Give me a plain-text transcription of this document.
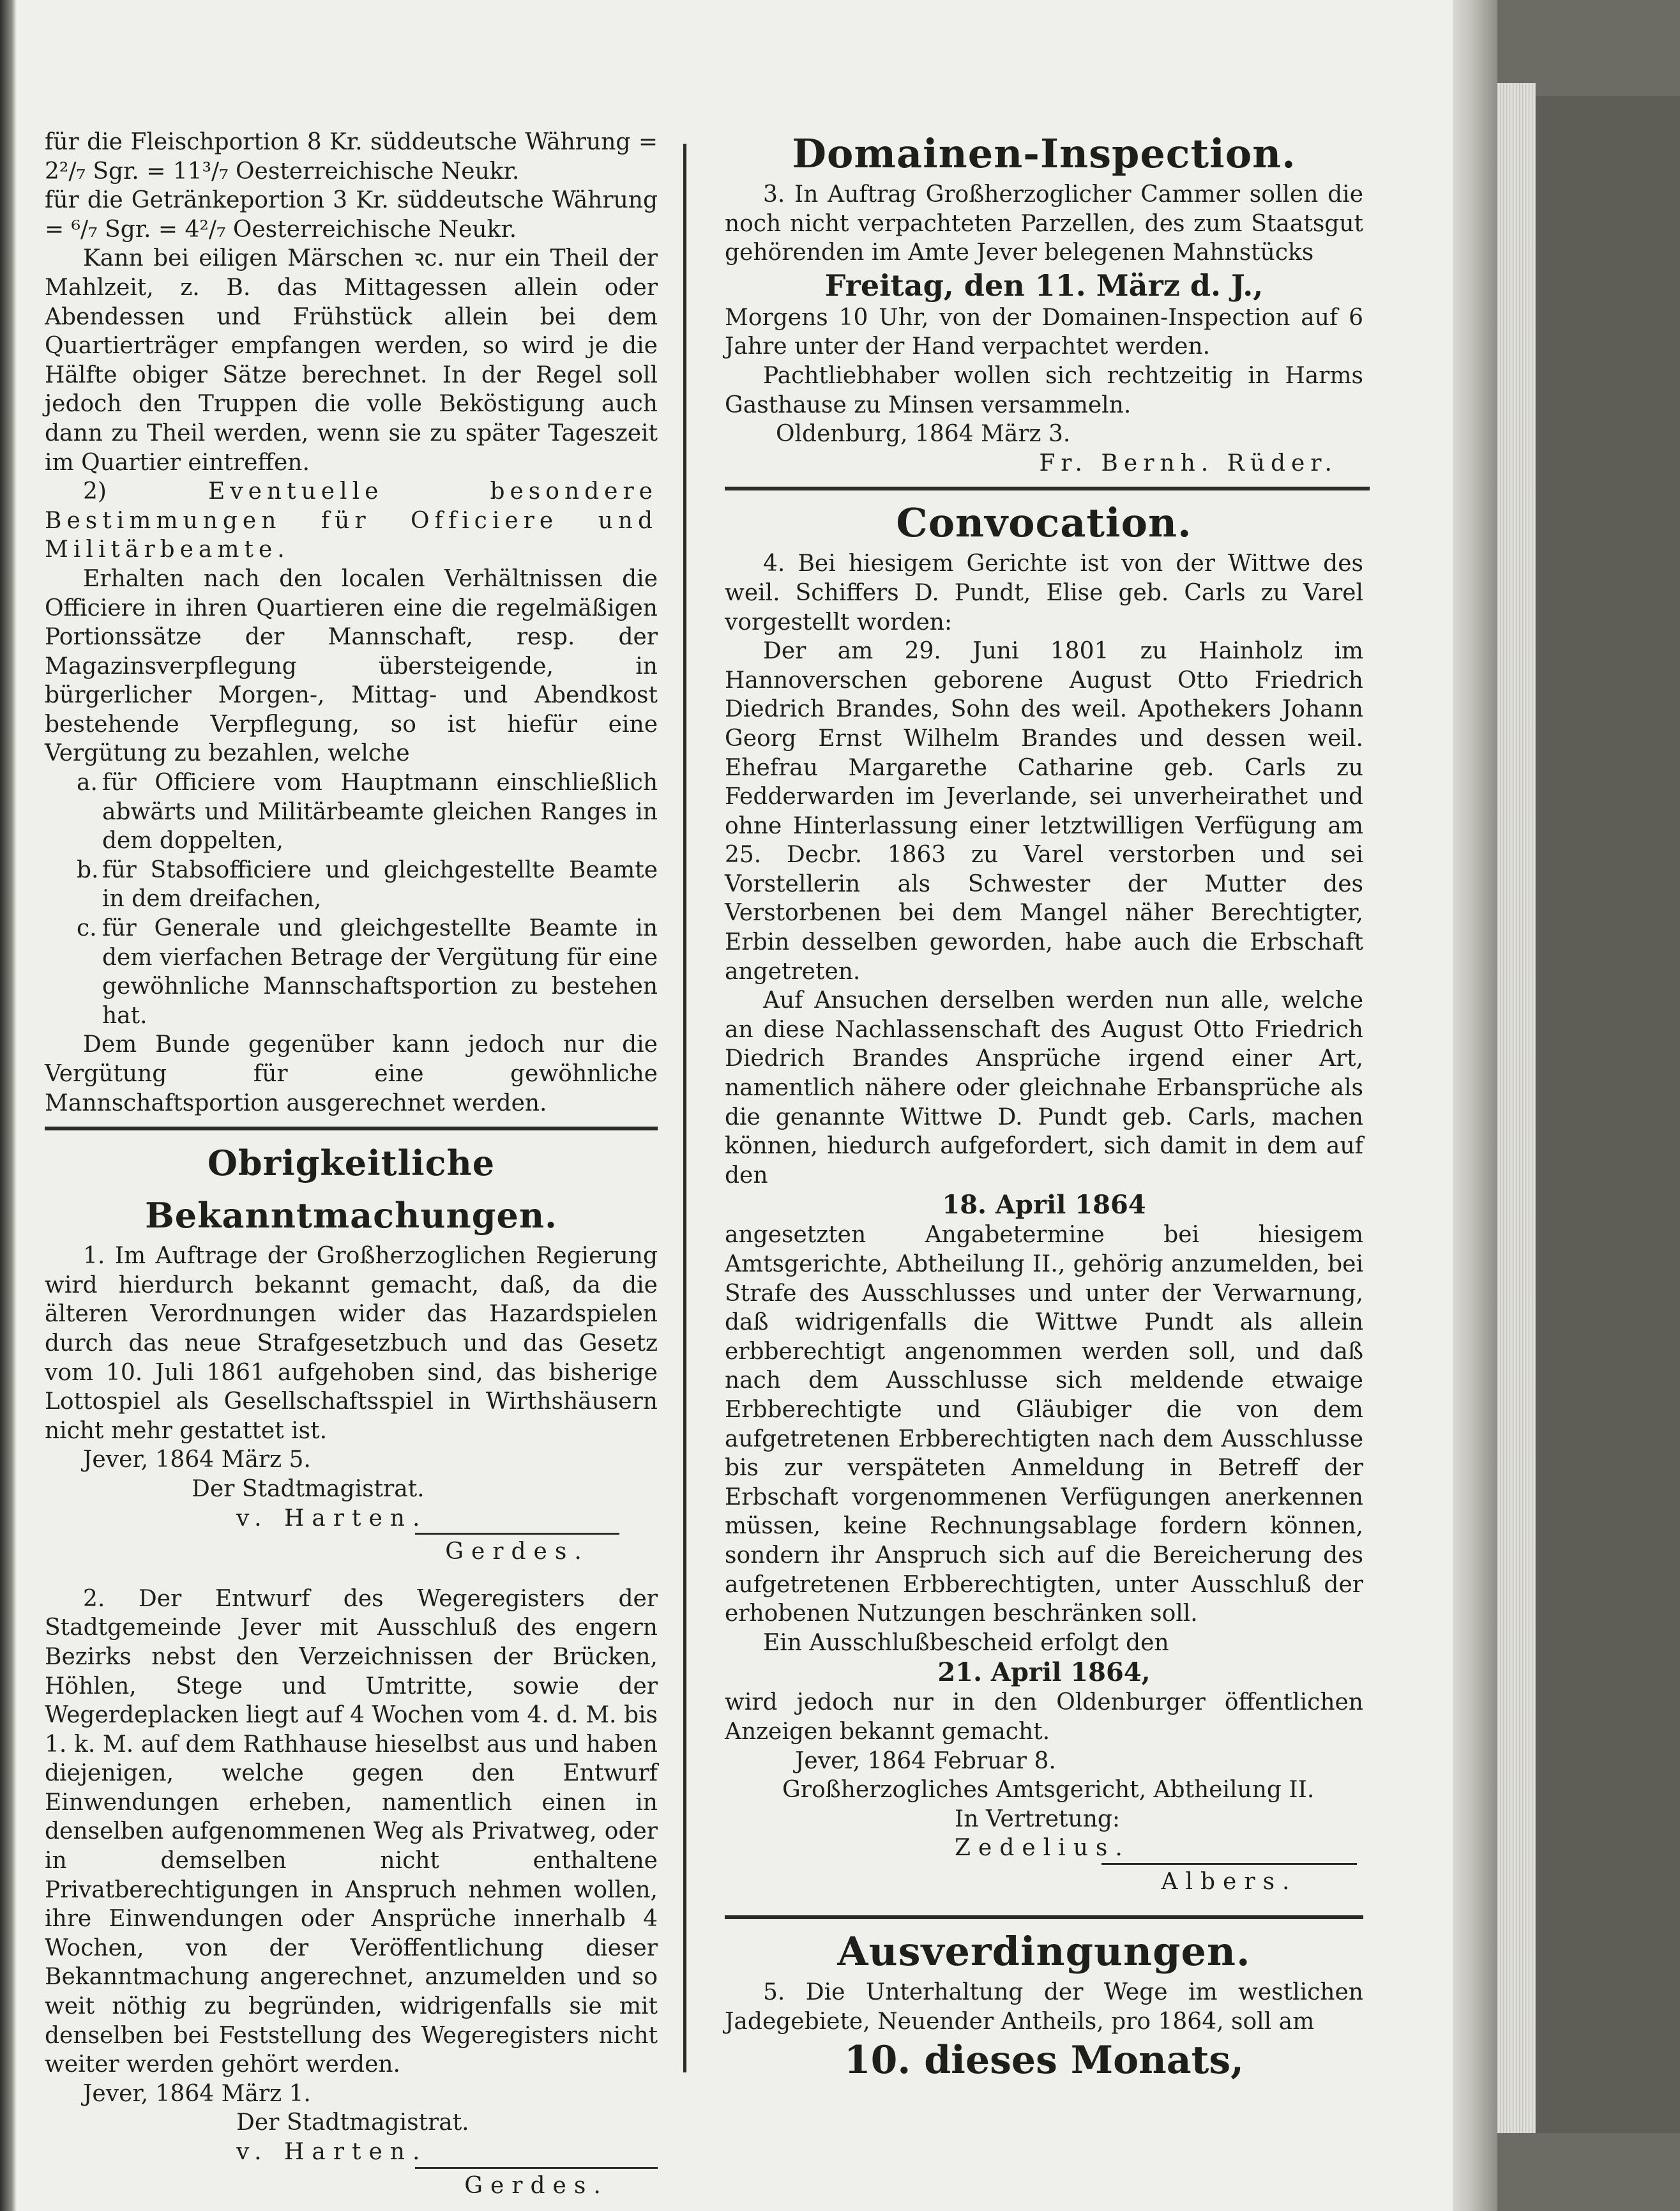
für die Fleischportion 8 Kr. süddeutsche Währung = 2²/₇ Sgr. = 11³/₇ Oesterreichische Neukr.

für die Getränkeportion 3 Kr. süddeutsche Währung = ⁶/₇ Sgr. = 4²/₇ Oesterreichische Neukr.

Kann bei eiligen Märschen ꝛc. nur ein Theil der Mahlzeit, z. B. das Mittagessen allein oder Abendessen und Frühstück allein bei dem Quartierträger empfangen werden, so wird je die Hälfte obiger Sätze berechnet. In der Regel soll jedoch den Truppen die volle Beköstigung auch dann zu Theil werden, wenn sie zu später Tageszeit im Quartier eintreffen.

2) Eventuelle besondere Bestimmungen für Officiere und Militärbeamte.

Erhalten nach den localen Verhältnissen die Officiere in ihren Quartieren eine die regelmäßigen Portionssätze der Mannschaft, resp. der Magazinsverpflegung übersteigende, in bürgerlicher Morgen-, Mittag- und Abendkost bestehende Verpflegung, so ist hiefür eine Vergütung zu bezahlen, welche

a. für Officiere vom Hauptmann einschließlich abwärts und Militärbeamte gleichen Ranges in dem doppelten,

b. für Stabsofficiere und gleichgestellte Beamte in dem dreifachen,

c. für Generale und gleichgestellte Beamte in dem vierfachen Betrage der Vergütung für eine gewöhnliche Mannschaftsportion zu bestehen hat.

Dem Bunde gegenüber kann jedoch nur die Vergütung für eine gewöhnliche Mannschaftsportion ausgerechnet werden.

Obrigkeitliche Bekanntmachungen.

1. Im Auftrage der Großherzoglichen Regierung wird hierdurch bekannt gemacht, daß, da die älteren Verordnungen wider das Hazardspielen durch das neue Strafgesetzbuch und das Gesetz vom 10. Juli 1861 aufgehoben sind, das bisherige Lottospiel als Gesellschaftsspiel in Wirthshäusern nicht mehr gestattet ist.

Jever, 1864 März 5.

Der Stadtmagistrat.

v. Harten.

Gerdes.

2. Der Entwurf des Wegeregisters der Stadtgemeinde Jever mit Ausschluß des engern Bezirks nebst den Verzeichnissen der Brücken, Höhlen, Stege und Umtritte, sowie der Wegerdeplacken liegt auf 4 Wochen vom 4. d. M. bis 1. k. M. auf dem Rathhause hieselbst aus und haben diejenigen, welche gegen den Entwurf Einwendungen erheben, namentlich einen in denselben aufgenommenen Weg als Privatweg, oder in demselben nicht enthaltene Privatberechtigungen in Anspruch nehmen wollen, ihre Einwendungen oder Ansprüche innerhalb 4 Wochen, von der Veröffentlichung dieser Bekanntmachung angerechnet, anzumelden und so weit nöthig zu begründen, widrigenfalls sie mit denselben bei Feststellung des Wegeregisters nicht weiter werden gehört werden.

Jever, 1864 März 1.

Der Stadtmagistrat.

v. Harten.

Gerdes.
Domainen-Inspection.

3. In Auftrag Großherzoglicher Cammer sollen die noch nicht verpachteten Parzellen, des zum Staatsgut gehörenden im Amte Jever belegenen Mahnstücks

Freitag, den 11. März d. J.,

Morgens 10 Uhr, von der Domainen-Inspection auf 6 Jahre unter der Hand verpachtet werden.

Pachtliebhaber wollen sich rechtzeitig in Harms Gasthause zu Minsen versammeln.

Oldenburg, 1864 März 3.

Fr. Bernh. Rüder.

Convocation.

4. Bei hiesigem Gerichte ist von der Wittwe des weil. Schiffers D. Pundt, Elise geb. Carls zu Varel vorgestellt worden:

Der am 29. Juni 1801 zu Hainholz im Hannoverschen geborene August Otto Friedrich Diedrich Brandes, Sohn des weil. Apothekers Johann Georg Ernst Wilhelm Brandes und dessen weil. Ehefrau Margarethe Catharine geb. Carls zu Fedderwarden im Jeverlande, sei unverheirathet und ohne Hinterlassung einer letztwilligen Verfügung am 25. Decbr. 1863 zu Varel verstorben und sei Vorstellerin als Schwester der Mutter des Verstorbenen bei dem Mangel näher Berechtigter, Erbin desselben geworden, habe auch die Erbschaft angetreten.

Auf Ansuchen derselben werden nun alle, welche an diese Nachlassenschaft des August Otto Friedrich Diedrich Brandes Ansprüche irgend einer Art, namentlich nähere oder gleichnahe Erbansprüche als die genannte Wittwe D. Pundt geb. Carls, machen können, hiedurch aufgefordert, sich damit in dem auf den

18. April 1864

angesetzten Angabetermine bei hiesigem Amtsgerichte, Abtheilung II., gehörig anzumelden, bei Strafe des Ausschlusses und unter der Verwarnung, daß widrigenfalls die Wittwe Pundt als allein erbberechtigt angenommen werden soll, und daß nach dem Ausschlusse sich meldende etwaige Erbberechtigte und Gläubiger die von dem aufgetretenen Erbberechtigten nach dem Ausschlusse bis zur verspäteten Anmeldung in Betreff der Erbschaft vorgenommenen Verfügungen anerkennen müssen, keine Rechnungsablage fordern können, sondern ihr Anspruch sich auf die Bereicherung des aufgetretenen Erbberechtigten, unter Ausschluß der erhobenen Nutzungen beschränken soll.

Ein Ausschlußbescheid erfolgt den

21. April 1864,

wird jedoch nur in den Oldenburger öffentlichen Anzeigen bekannt gemacht.

Jever, 1864 Februar 8.

Großherzogliches Amtsgericht, Abtheilung II.

In Vertretung:

Zedelius.

Albers.
Ausverdingungen.

5. Die Unterhaltung der Wege im westlichen Jadegebiete, Neuender Antheils, pro 1864, soll am

10. dieses Monats,
